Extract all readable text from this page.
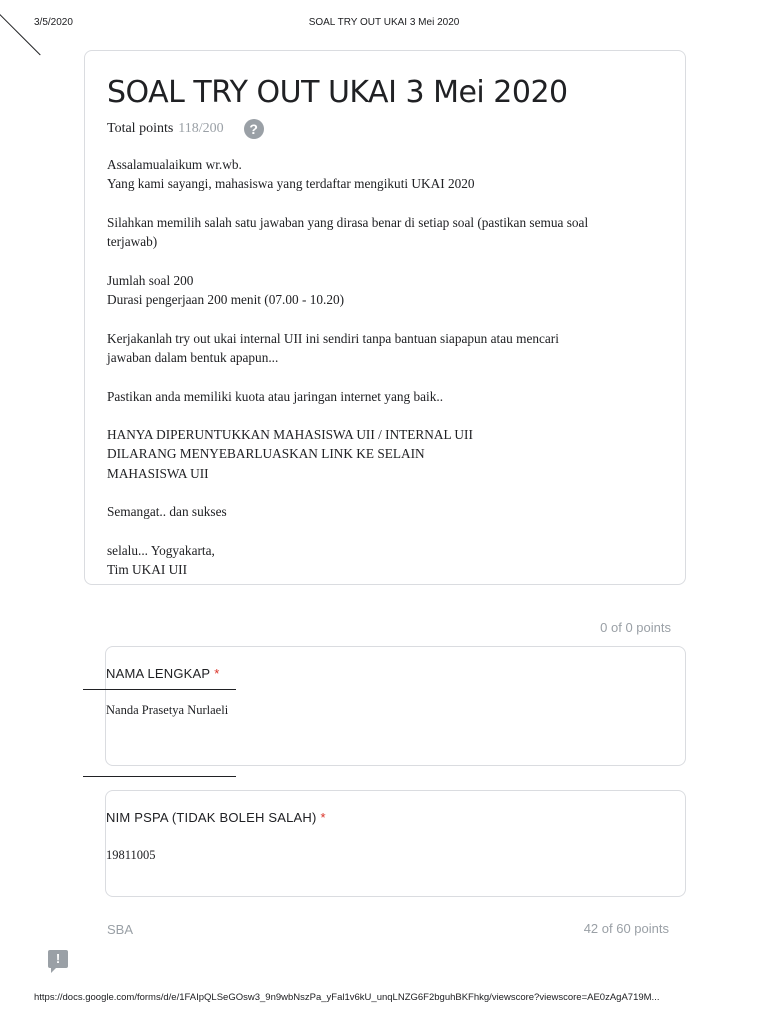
3/5/2020	SOAL TRY OUT UKAI 3 Mei 2020
SOAL TRY OUT UKAI 3 Mei 2020
Total points 118/200	?

Assalamualaikum wr.wb.

Yang kami sayangi, mahasiswa yang terdaftar mengikuti UKAI 2020

Silahkan memilih salah satu jawaban yang dirasa benar di setiap soal (pastikan semua soal

terjawab)

Jumlah soal 200

Durasi pengerjaan 200 menit (07.00 - 10.20)

Kerjakanlah try out ukai internal UII ini sendiri tanpa bantuan siapapun atau mencari

jawaban dalam bentuk apapun...

Pastikan anda memiliki kuota atau jaringan internet yang baik..

HANYA DIPERUNTUKKAN MAHASISWA UII / INTERNAL UII

DILARANG MENYEBARLUASKAN LINK KE SELAIN

MAHASISWA UII

Semangat.. dan sukses

selalu... Yogyakarta,

Tim UKAI UII

0 of 0 points
NAMA LENGKAP *
Nanda Prasetya Nurlaeli
NIM PSPA (TIDAK BOLEH SALAH) *
19811005
SBA	42 of 60 points
!
https://docs.google.com/forms/d/e/1FAIpQLSeGOsw3_9n9wbNszPa_yFal1v6kU_unqLNZG6F2bguhBKFhkg/viewscore?viewscore=AE0zAgA719M...
